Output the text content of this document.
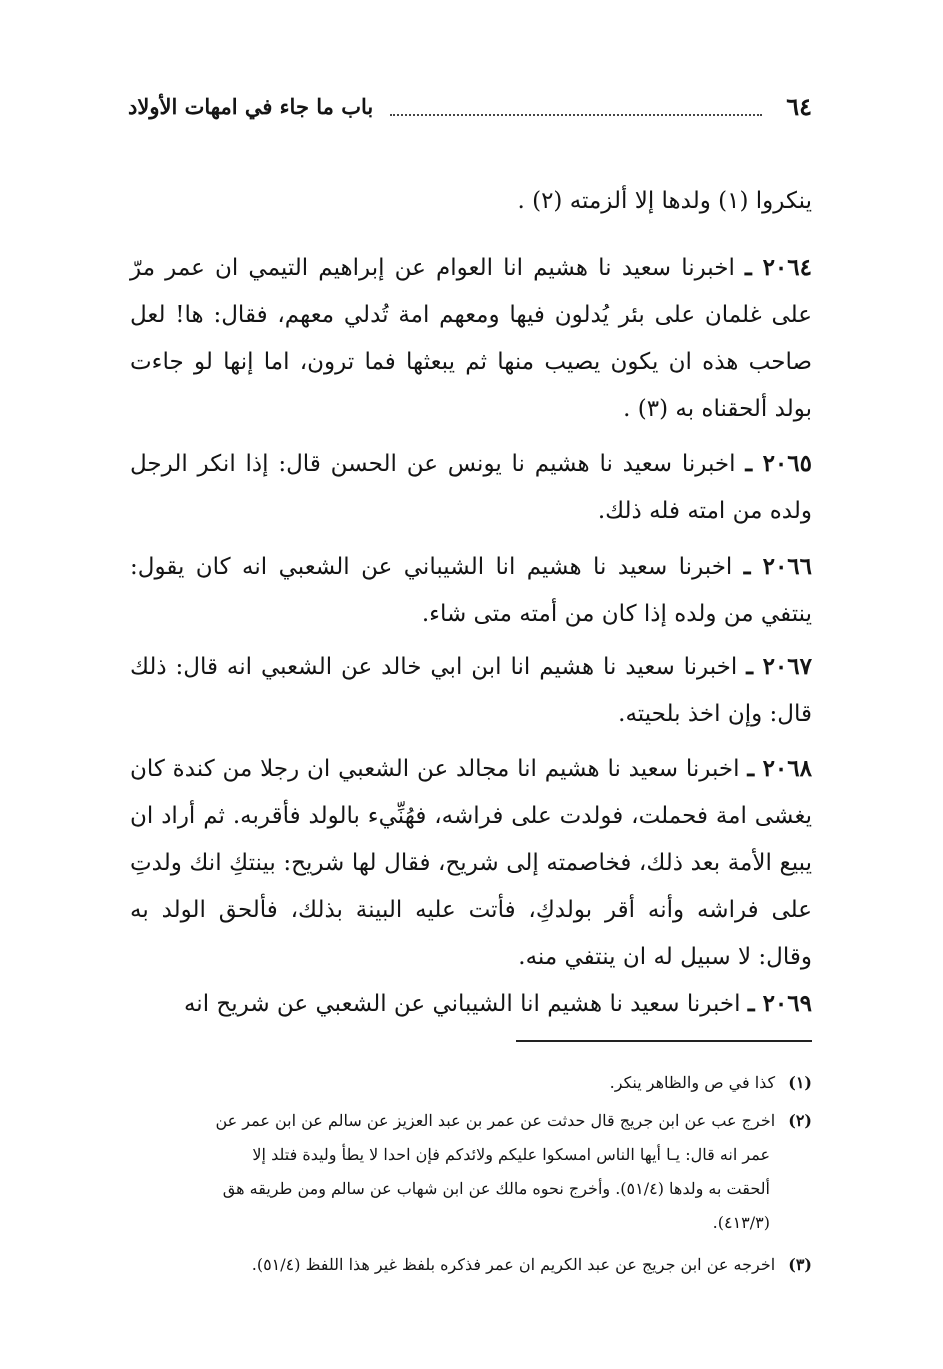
٦٤
باب ما جاء في امهات الأولاد
ينكروا (١) ولدها إلا ألزمته (٢) .
٢٠٦٤ ـ اخبرنا سعيد نا هشيم انا العوام عن إبراهيم التيمي ان عمر مرّ على غلمان على بئر يُدلون فيها ومعهم امة تُدلي معهم، فقال: ها! لعل صاحب هذه ان يكون يصيب منها ثم يبعثها فما ترون، اما إنها لو جاءت بولد ألحقناه به (٣) .
٢٠٦٥ ـ اخبرنا سعيد نا هشيم نا يونس عن الحسن قال: إذا انكر الرجل ولده من امته فله ذلك.
٢٠٦٦ ـ اخبرنا سعيد نا هشيم انا الشيباني عن الشعبي انه كان يقول: ينتفي من ولده إذا كان من أمته متى شاء.
٢٠٦٧ ـ اخبرنا سعيد نا هشيم انا ابن ابي خالد عن الشعبي انه قال: ذلك قال: وإن اخذ بلحيته.
٢٠٦٨ ـ اخبرنا سعيد نا هشيم انا مجالد عن الشعبي ان رجلا من كندة كان يغشى امة فحملت، فولدت على فراشه، فهُنِّيء بالولد فأقربه. ثم أراد ان يبيع الأمة بعد ذلك، فخاصمته إلى شريح، فقال لها شريح: بينتكِ انك ولدتِ على فراشه وأنه أقر بولدكِ، فأتت عليه البينة بذلك، فألحق الولد به وقال: لا سبيل له ان ينتفي منه.
٢٠٦٩ ـ اخبرنا سعيد نا هشيم انا الشيباني عن الشعبي عن شريح انه
(١) كذا في ص والظاهر ينكر.
(٢) اخرج عب عن ابن جريج قال حدثت عن عمر بن عبد العزيز عن سالم عن ابن عمر عن
عمر انه قال: يـا أيها الناس امسكوا عليكم ولائدكم فإن احدا لا يطأ وليدة فتلد إلا
ألحقت به ولدها (٥١/٤). وأخرج نحوه مالك عن ابن شهاب عن سالم ومن طريقه هق
(٤١٣/٣).
(٣) اخرجه عن ابن جريج عن عبد الكريم ان عمر فذكره بلفظ غير هذا اللفظ (٥١/٤).
